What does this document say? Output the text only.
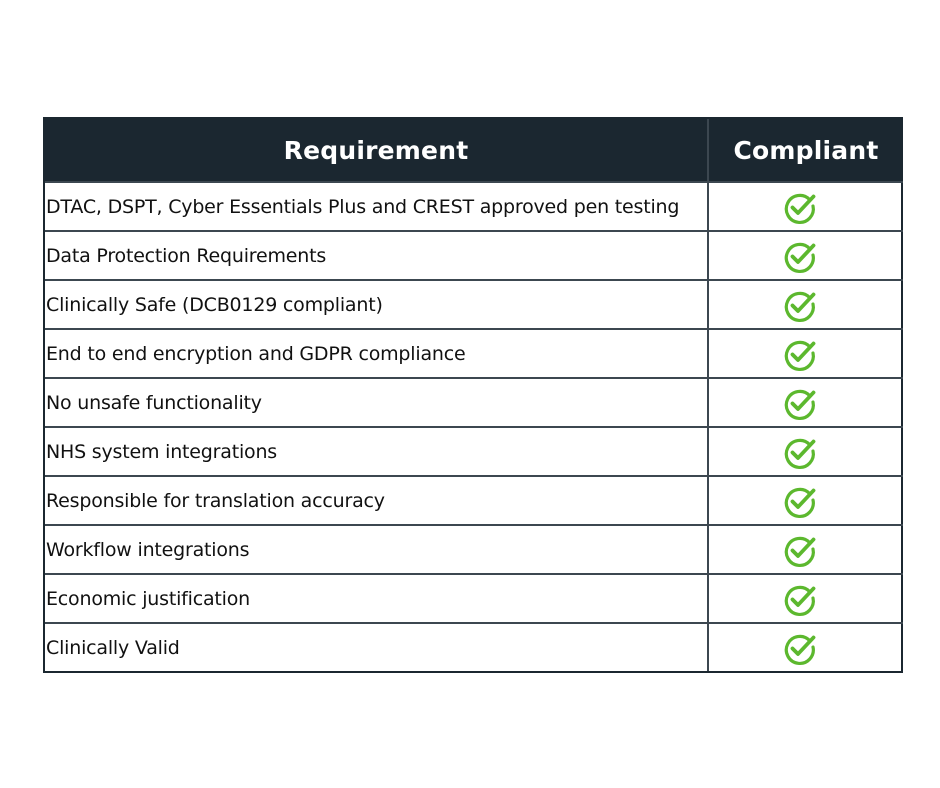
Requirement	Compliant
DTAC, DSPT, Cyber Essentials Plus and CREST approved pen testing	
Data Protection Requirements	
Clinically Safe (DCB0129 compliant)	
End to end encryption and GDPR compliance	
No unsafe functionality	
NHS system integrations	
Responsible for translation accuracy	
Workflow integrations	
Economic justification	
Clinically Valid	
